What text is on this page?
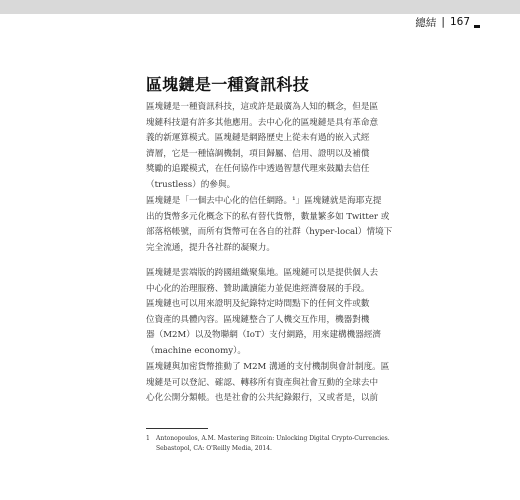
總結 | 167
區塊鏈是一種資訊科技
區塊鏈是一種資訊科技，這或許是最廣為人知的概念，但是區
塊鏈科技還有許多其他應用。去中心化的區塊鏈是具有革命意
義的新運算模式。區塊鏈是網路歷史上從未有過的嵌入式經
濟層，它是一種協調機制，項目歸屬、信用、證明以及補償
獎勵的追蹤模式，在任何協作中透過智慧代理來鼓勵去信任
（trustless）的參與。
區塊鏈是「一個去中心化的信任網路。¹」區塊鏈就是海耶克提
出的貨幣多元化概念下的私有替代貨幣，數量繁多如 Twitter 或
部落格帳號，而所有貨幣可在各自的社群（hyper-local）情境下
完全流通，提升各社群的凝聚力。
區塊鏈是雲端版的跨國組織聚集地。區塊鏈可以是提供個人去
中心化的治理服務、贊助識讀能力並促進經濟發展的手段。
區塊鏈也可以用來證明及紀錄特定時間點下的任何文件或數
位資產的具體內容。區塊鏈整合了人機交互作用，機器對機
器（M2M）以及物聯網（IoT）支付網路，用來建構機器經濟
（machine economy）。
區塊鏈與加密貨幣推動了 M2M 溝通的支付機制與會計制度。區
塊鏈是可以登記、確認、轉移所有資產與社會互動的全球去中
心化公開分類帳。也是社會的公共紀錄銀行，又或者是，以前
1 Antonopoulos, A.M. Mastering Bitcoin: Unlocking Digital Crypto-Currencies.
Sebastopol, CA: O'Reilly Media, 2014.
